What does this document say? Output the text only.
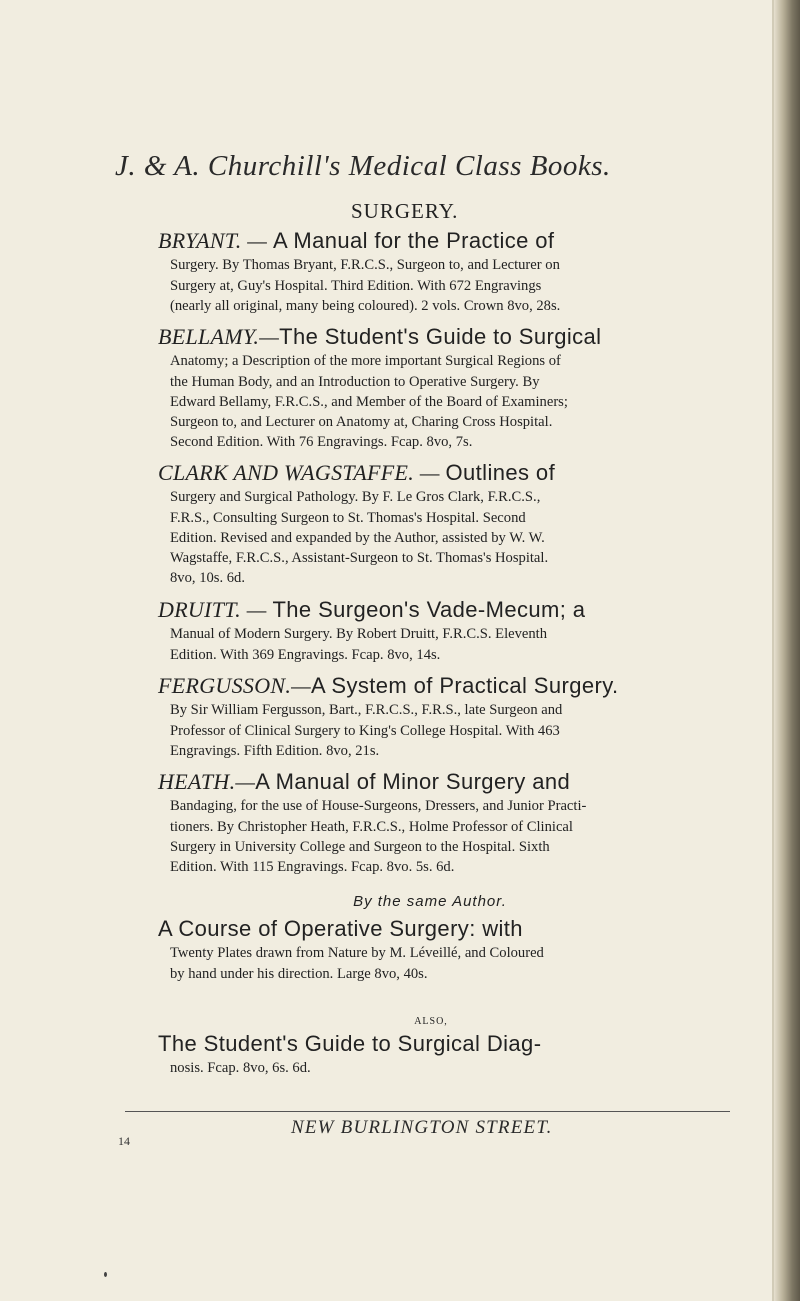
J. & A. Churchill's Medical Class Books.
SURGERY.
BRYANT. — A Manual for the Practice of
Surgery. By Thomas Bryant, F.R.C.S., Surgeon to, and Lecturer on
Surgery at, Guy's Hospital. Third Edition. With 672 Engravings
(nearly all original, many being coloured). 2 vols. Crown 8vo, 28s.
BELLAMY.—The Student's Guide to Surgical
Anatomy; a Description of the more important Surgical Regions of
the Human Body, and an Introduction to Operative Surgery. By
Edward Bellamy, F.R.C.S., and Member of the Board of Examiners;
Surgeon to, and Lecturer on Anatomy at, Charing Cross Hospital.
Second Edition. With 76 Engravings. Fcap. 8vo, 7s.
CLARK AND WAGSTAFFE. — Outlines of
Surgery and Surgical Pathology. By F. Le Gros Clark, F.R.C.S.,
F.R.S., Consulting Surgeon to St. Thomas's Hospital. Second
Edition. Revised and expanded by the Author, assisted by W. W.
Wagstaffe, F.R.C.S., Assistant-Surgeon to St. Thomas's Hospital.
8vo, 10s. 6d.
DRUITT. — The Surgeon's Vade-Mecum; a
Manual of Modern Surgery. By Robert Druitt, F.R.C.S. Eleventh
Edition. With 369 Engravings. Fcap. 8vo, 14s.
FERGUSSON.—A System of Practical Surgery.
By Sir William Fergusson, Bart., F.R.C.S., F.R.S., late Surgeon and
Professor of Clinical Surgery to King's College Hospital. With 463
Engravings. Fifth Edition. 8vo, 21s.
HEATH.—A Manual of Minor Surgery and
Bandaging, for the use of House-Surgeons, Dressers, and Junior Practi-
tioners. By Christopher Heath, F.R.C.S., Holme Professor of Clinical
Surgery in University College and Surgeon to the Hospital. Sixth
Edition. With 115 Engravings. Fcap. 8vo. 5s. 6d.
By the same Author.
A Course of Operative Surgery: with
Twenty Plates drawn from Nature by M. Léveillé, and Coloured
by hand under his direction. Large 8vo, 40s.
ALSO,
The Student's Guide to Surgical Diag-
nosis. Fcap. 8vo, 6s. 6d.
NEW BURLINGTON STREET.
14
